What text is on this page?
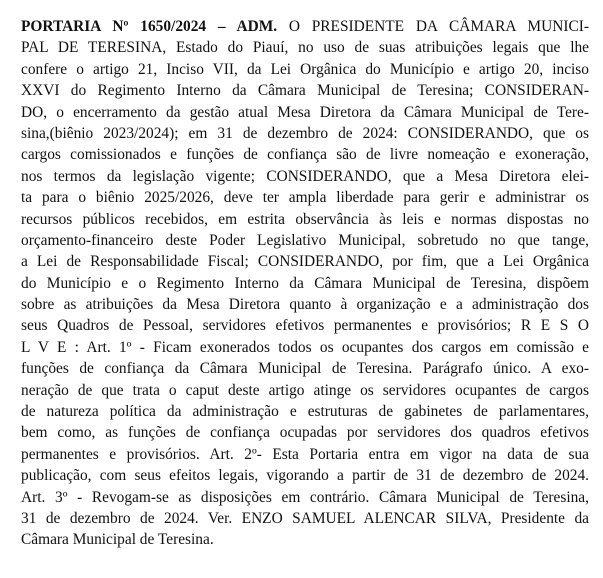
PORTARIA Nº 1650/2024 – ADM. O PRESIDENTE DA CÂMARA MUNICI-
PAL DE TERESINA, Estado do Piauí, no uso de suas atribuições legais que lhe
confere o artigo 21, Inciso VII, da Lei Orgânica do Município e artigo 20, inciso
XXVI do Regimento Interno da Câmara Municipal de Teresina; CONSIDERAN-
DO, o encerramento da gestão atual Mesa Diretora da Câmara Municipal de Tere-
sina,(biênio 2023/2024); em 31 de dezembro de 2024: CONSIDERANDO, que os
cargos comissionados e funções de confiança são de livre nomeação e exoneração,
nos termos da legislação vigente; CONSIDERANDO, que a Mesa Diretora elei-
ta para o biênio 2025/2026, deve ter ampla liberdade para gerir e administrar os
recursos públicos recebidos, em estrita observância às leis e normas dispostas no
orçamento-financeiro deste Poder Legislativo Municipal, sobretudo no que tange,
a Lei de Responsabilidade Fiscal; CONSIDERANDO, por fim, que a Lei Orgânica
do Município e o Regimento Interno da Câmara Municipal de Teresina, dispõem
sobre as atribuições da Mesa Diretora quanto à organização e a administração dos
seus Quadros de Pessoal, servidores efetivos permanentes e provisórios; R E S O
L V E : Art. 1º - Ficam exonerados todos os ocupantes dos cargos em comissão e
funções de confiança da Câmara Municipal de Teresina. Parágrafo único. A exo-
neração de que trata o caput deste artigo atinge os servidores ocupantes de cargos
de natureza política da administração e estruturas de gabinetes de parlamentares,
bem como, as funções de confiança ocupadas por servidores dos quadros efetivos
permanentes e provisórios. Art. 2º- Esta Portaria entra em vigor na data de sua
publicação, com seus efeitos legais, vigorando a partir de 31 de dezembro de 2024.
Art. 3º - Revogam-se as disposições em contrário. Câmara Municipal de Teresina,
31 de dezembro de 2024. Ver. ENZO SAMUEL ALENCAR SILVA, Presidente da
Câmara Municipal de Teresina.
